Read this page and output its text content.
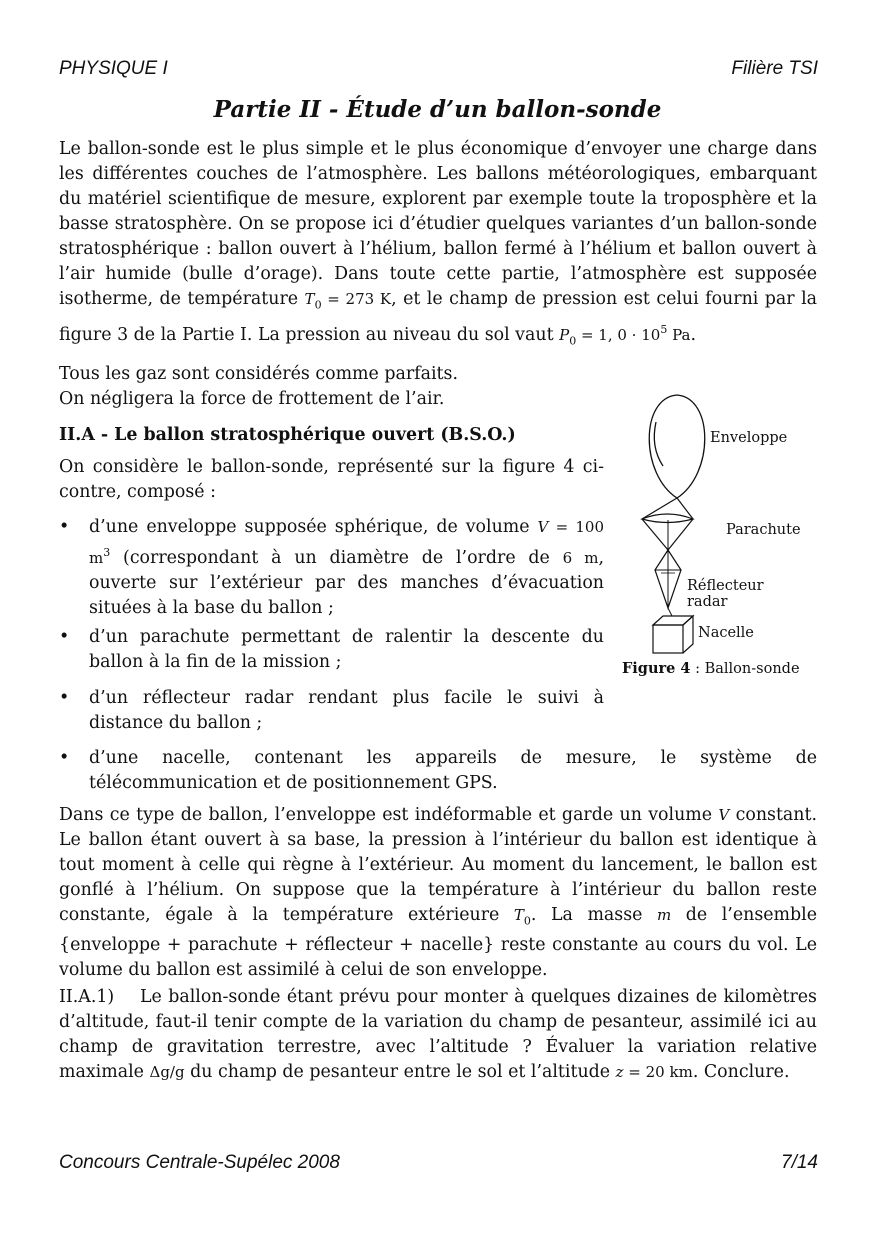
PHYSIQUE I	Filière TSI
Partie II - Étude d’un ballon-sonde

Le ballon-sonde est le plus simple et le plus économique d’envoyer une charge dans les différentes couches de l’atmosphère. Les ballons météorologiques, embarquant du matériel scientifique de mesure, explorent par exemple toute la troposphère et la basse stratosphère. On se propose ici d’étudier quelques variantes d’un ballon-sonde stratosphérique : ballon ouvert à l’hélium, ballon fermé à l’hélium et ballon ouvert à l’air humide (bulle d’orage). Dans toute cette partie, l’atmosphère est supposée isotherme, de température $T_0 = 273$ K, et le champ de pression est celui fourni par la figure 3 de la Partie I. La pression au niveau du sol vaut $P_0 = 1$, $0 \cdot 10^5$ Pa.

Tous les gaz sont considérés comme parfaits.

On négligera la force de frottement de l’air.

II.A - Le ballon stratosphérique ouvert (B.S.O.)

On considère le ballon-sonde, représenté sur la figure 4 ci-contre, composé :

•	d’une enveloppe supposée sphérique, de volume V = 100 $m^3$ (correspondant à un diamètre de l’ordre de 6 m, ouverte sur l’extérieur par des manches d’évacuation situées à la base du ballon ;
•	d’un parachute permettant de ralentir la descente du ballon à la fin de la mission ;
•	d’un réflecteur radar rendant plus facile le suivi à distance du ballon ;
•	d’une nacelle, contenant les appareils de mesure, le système de télécommunication et de positionnement GPS.
Enveloppe
Parachute
Réflecteur
radar
Nacelle
Figure 4 : Ballon-sonde

Dans ce type de ballon, l’enveloppe est indéformable et garde un volume V constant. Le ballon étant ouvert à sa base, la pression à l’intérieur du ballon est identique à tout moment à celle qui règne à l’extérieur. Au moment du lancement, le ballon est gonflé à l’hélium. On suppose que la température à l’intérieur du ballon reste constante, égale à la température extérieure $T_0$. La masse m de l’ensemble {enveloppe + parachute + réflecteur + nacelle} reste constante au cours du vol. Le volume du ballon est assimilé à celui de son enveloppe.

II.A.1) Le ballon-sonde étant prévu pour monter à quelques dizaines de kilomètres d’altitude, faut-il tenir compte de la variation du champ de pesanteur, assimilé ici au champ de gravitation terrestre, avec l’altitude ? Évaluer la variation relative maximale Δg/g du champ de pesanteur entre le sol et l’altitude z = 20 km. Conclure.

Concours Centrale-Supélec 2008	7/14
